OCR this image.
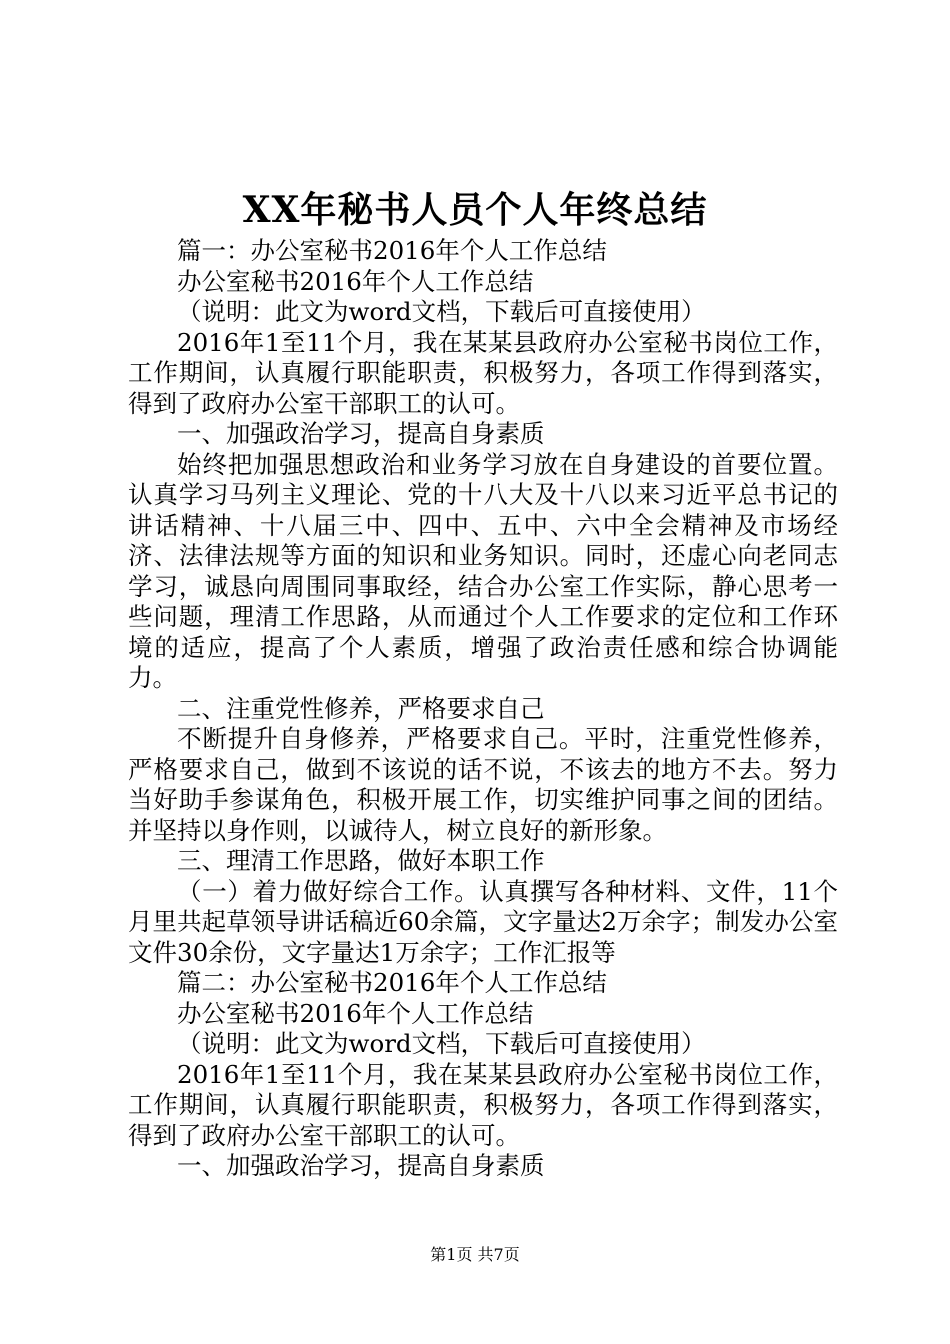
XX年秘书人员个人年终总结

篇一：办公室秘书2016年个人工作总结

办公室秘书2016年个人工作总结

（说明：此文为word文档，下载后可直接使用）

2016年1至11个月，我在某某县政府办公室秘书岗位工作，工作期间，认真履行职能职责，积极努力，各项工作得到落实，得到了政府办公室干部职工的认可。

一、加强政治学习，提高自身素质

始终把加强思想政治和业务学习放在自身建设的首要位置。认真学习马列主义理论、党的十八大及十八以来习近平总书记的讲话精神、十八届三中、四中、五中、六中全会精神及市场经济、法律法规等方面的知识和业务知识。同时，还虚心向老同志学习，诚恳向周围同事取经，结合办公室工作实际，静心思考一些问题，理清工作思路，从而通过个人工作要求的定位和工作环境的适应，提高了个人素质，增强了政治责任感和综合协调能力。

二、注重党性修养，严格要求自己

不断提升自身修养，严格要求自己。平时，注重党性修养，严格要求自己，做到不该说的话不说，不该去的地方不去。努力当好助手参谋角色，积极开展工作，切实维护同事之间的团结。并坚持以身作则，以诚待人，树立良好的新形象。

三、理清工作思路，做好本职工作

（一）着力做好综合工作。认真撰写各种材料、文件，11个月里共起草领导讲话稿近60余篇，文字量达2万余字；制发办公室文件30余份，文字量达1万余字；工作汇报等

篇二：办公室秘书2016年个人工作总结

办公室秘书2016年个人工作总结

（说明：此文为word文档，下载后可直接使用）

2016年1至11个月，我在某某县政府办公室秘书岗位工作，工作期间，认真履行职能职责，积极努力，各项工作得到落实，得到了政府办公室干部职工的认可。

一、加强政治学习，提高自身素质

第1页 共7页
